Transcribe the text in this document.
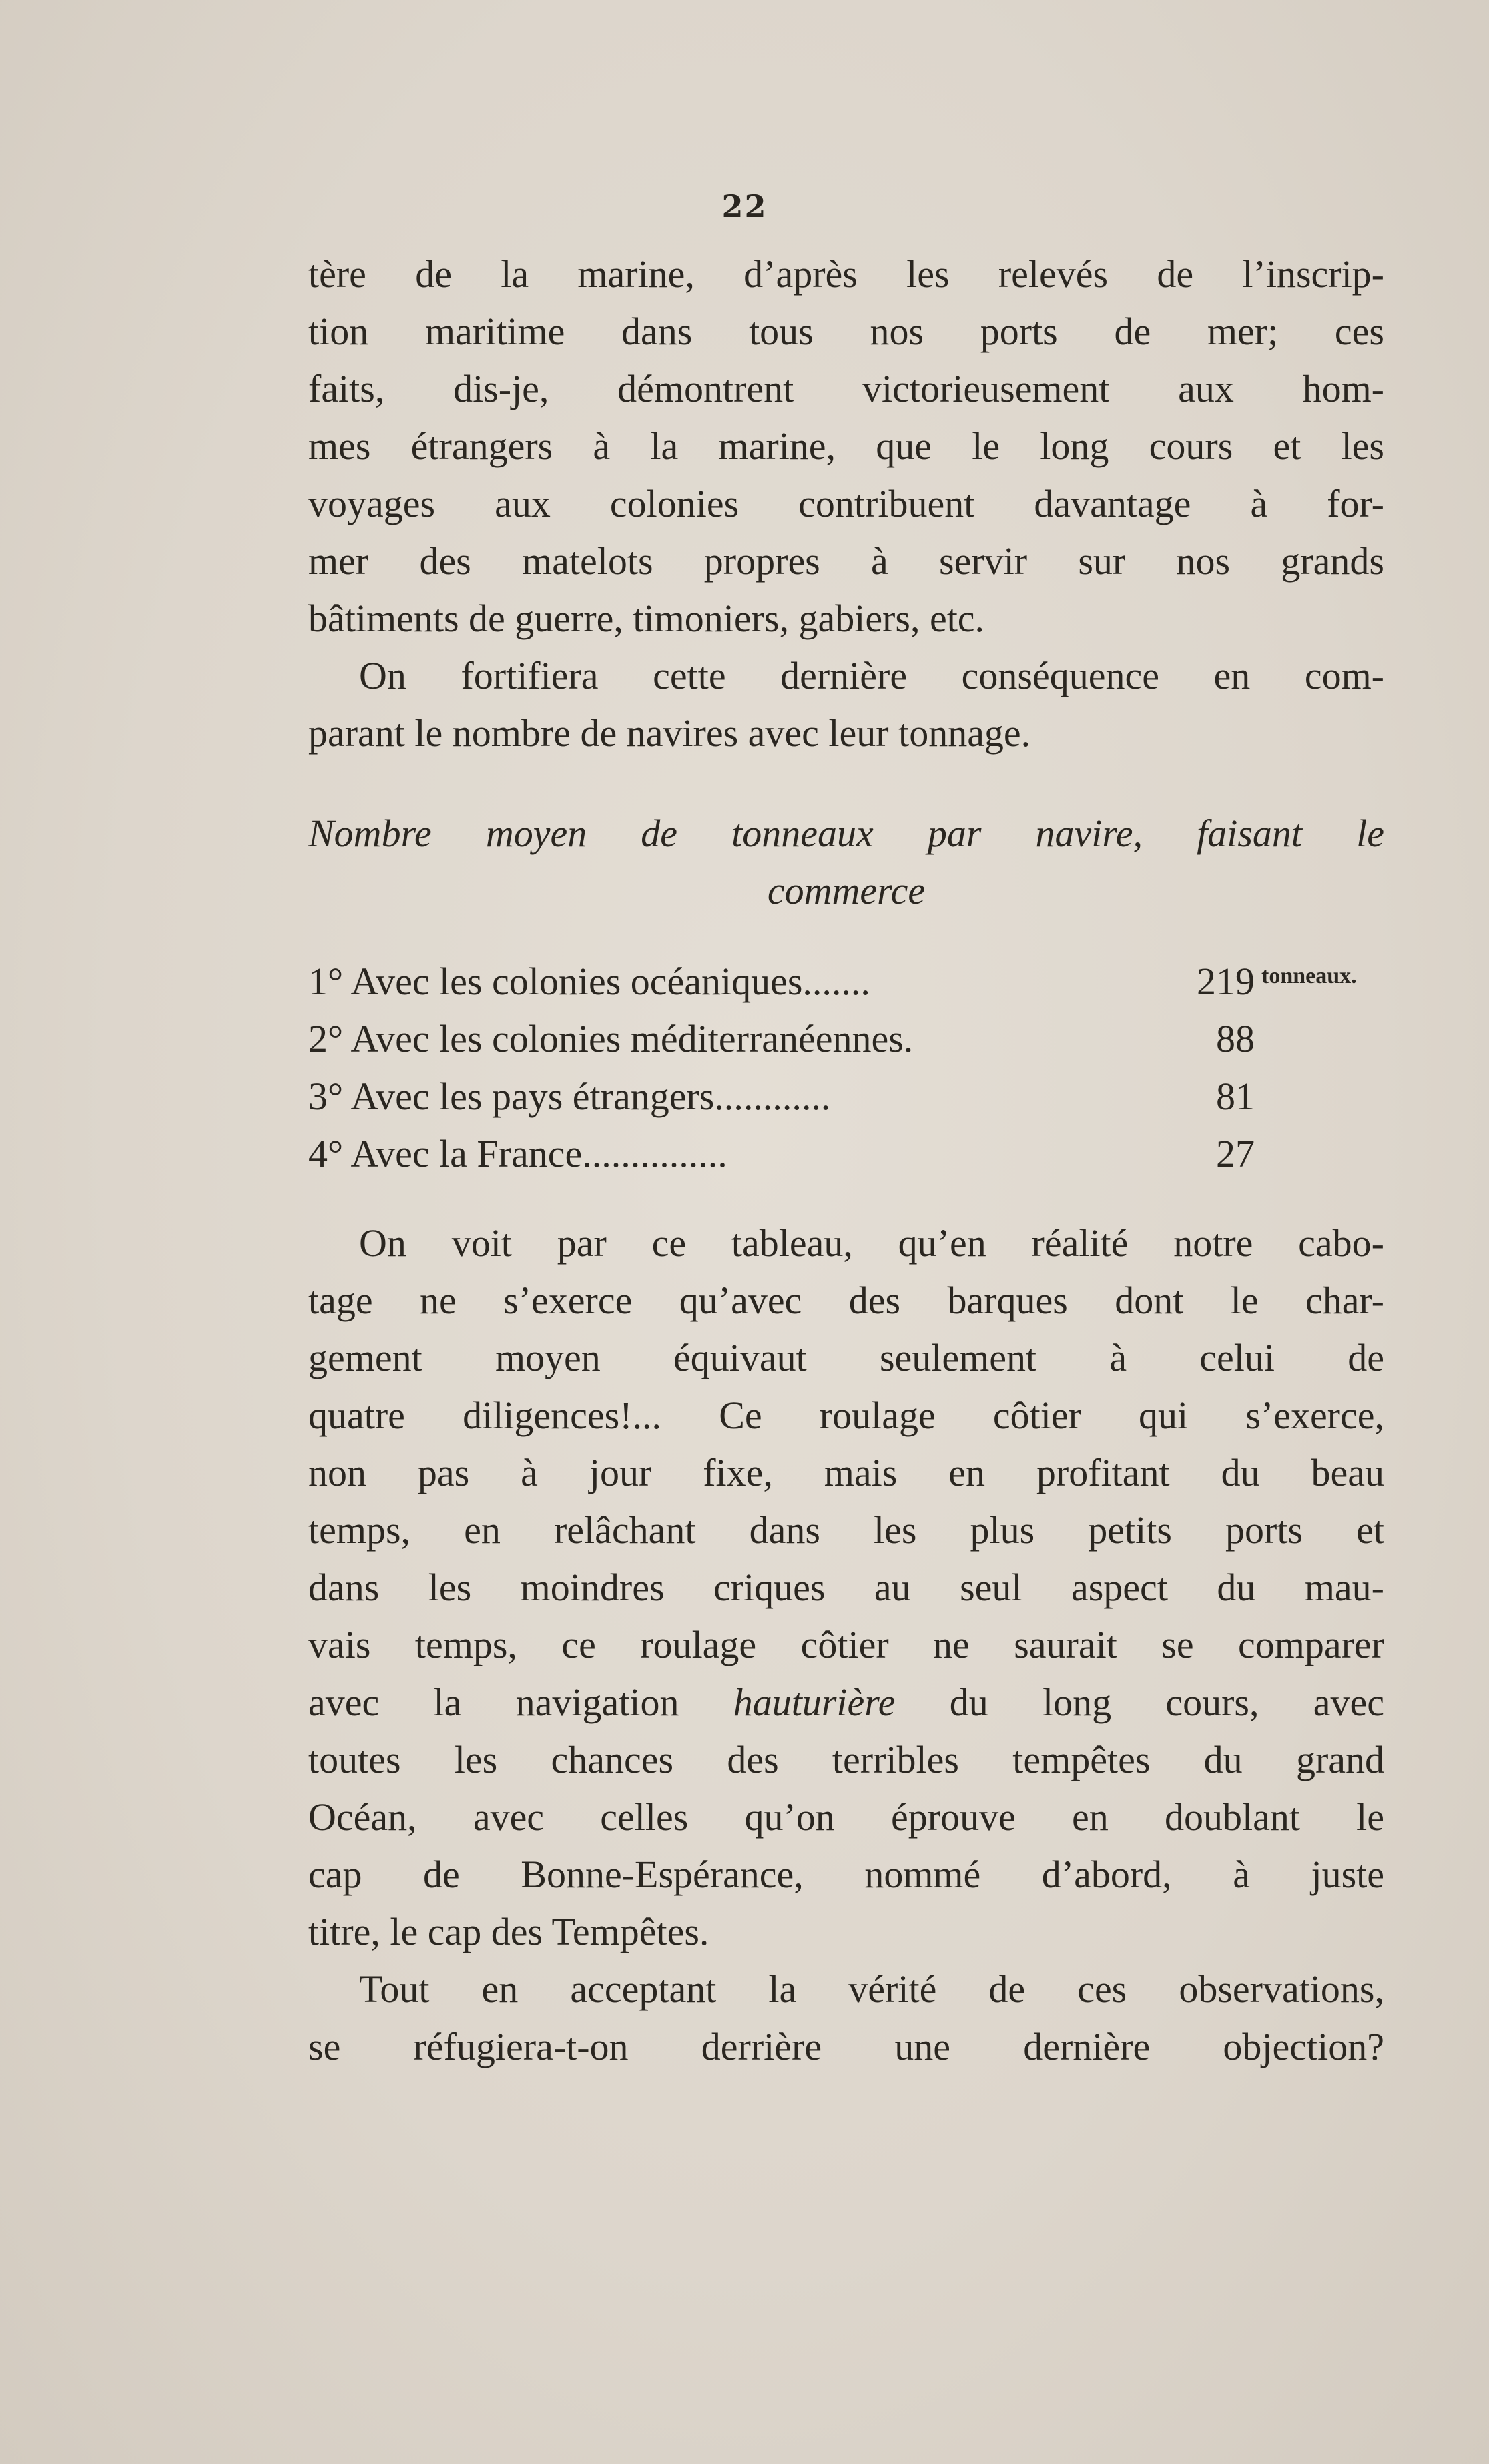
22
tère de la marine, d’après les relevés de l’inscrip-
tion maritime dans tous nos ports de mer; ces
faits, dis-je, démontrent victorieusement aux hom-
mes étrangers à la marine, que le long cours et les
voyages aux colonies contribuent davantage à for-
mer des matelots propres à servir sur nos grands
bâtiments de guerre, timoniers, gabiers, etc.
On fortifiera cette dernière conséquence en com-
parant le nombre de navires avec leur tonnage.
Nombre moyen de tonneaux par navire, faisant le
commerce
1° Avec les colonies océaniques.......	219 tonneaux.
2° Avec les colonies méditerranéennes.	88
3° Avec les pays étrangers............	81
4° Avec la France...............	27
On voit par ce tableau, qu’en réalité notre cabo-
tage ne s’exerce qu’avec des barques dont le char-
gement moyen équivaut seulement à celui de
quatre diligences!... Ce roulage côtier qui s’exerce,
non pas à jour fixe, mais en profitant du beau
temps, en relâchant dans les plus petits ports et
dans les moindres criques au seul aspect du mau-
vais temps, ce roulage côtier ne saurait se comparer
avec la navigation hauturière du long cours, avec
toutes les chances des terribles tempêtes du grand
Océan, avec celles qu’on éprouve en doublant le
cap de Bonne-Espérance, nommé d’abord, à juste
titre, le cap des Tempêtes.
Tout en acceptant la vérité de ces observations,
se réfugiera-t-on derrière une dernière objection?
